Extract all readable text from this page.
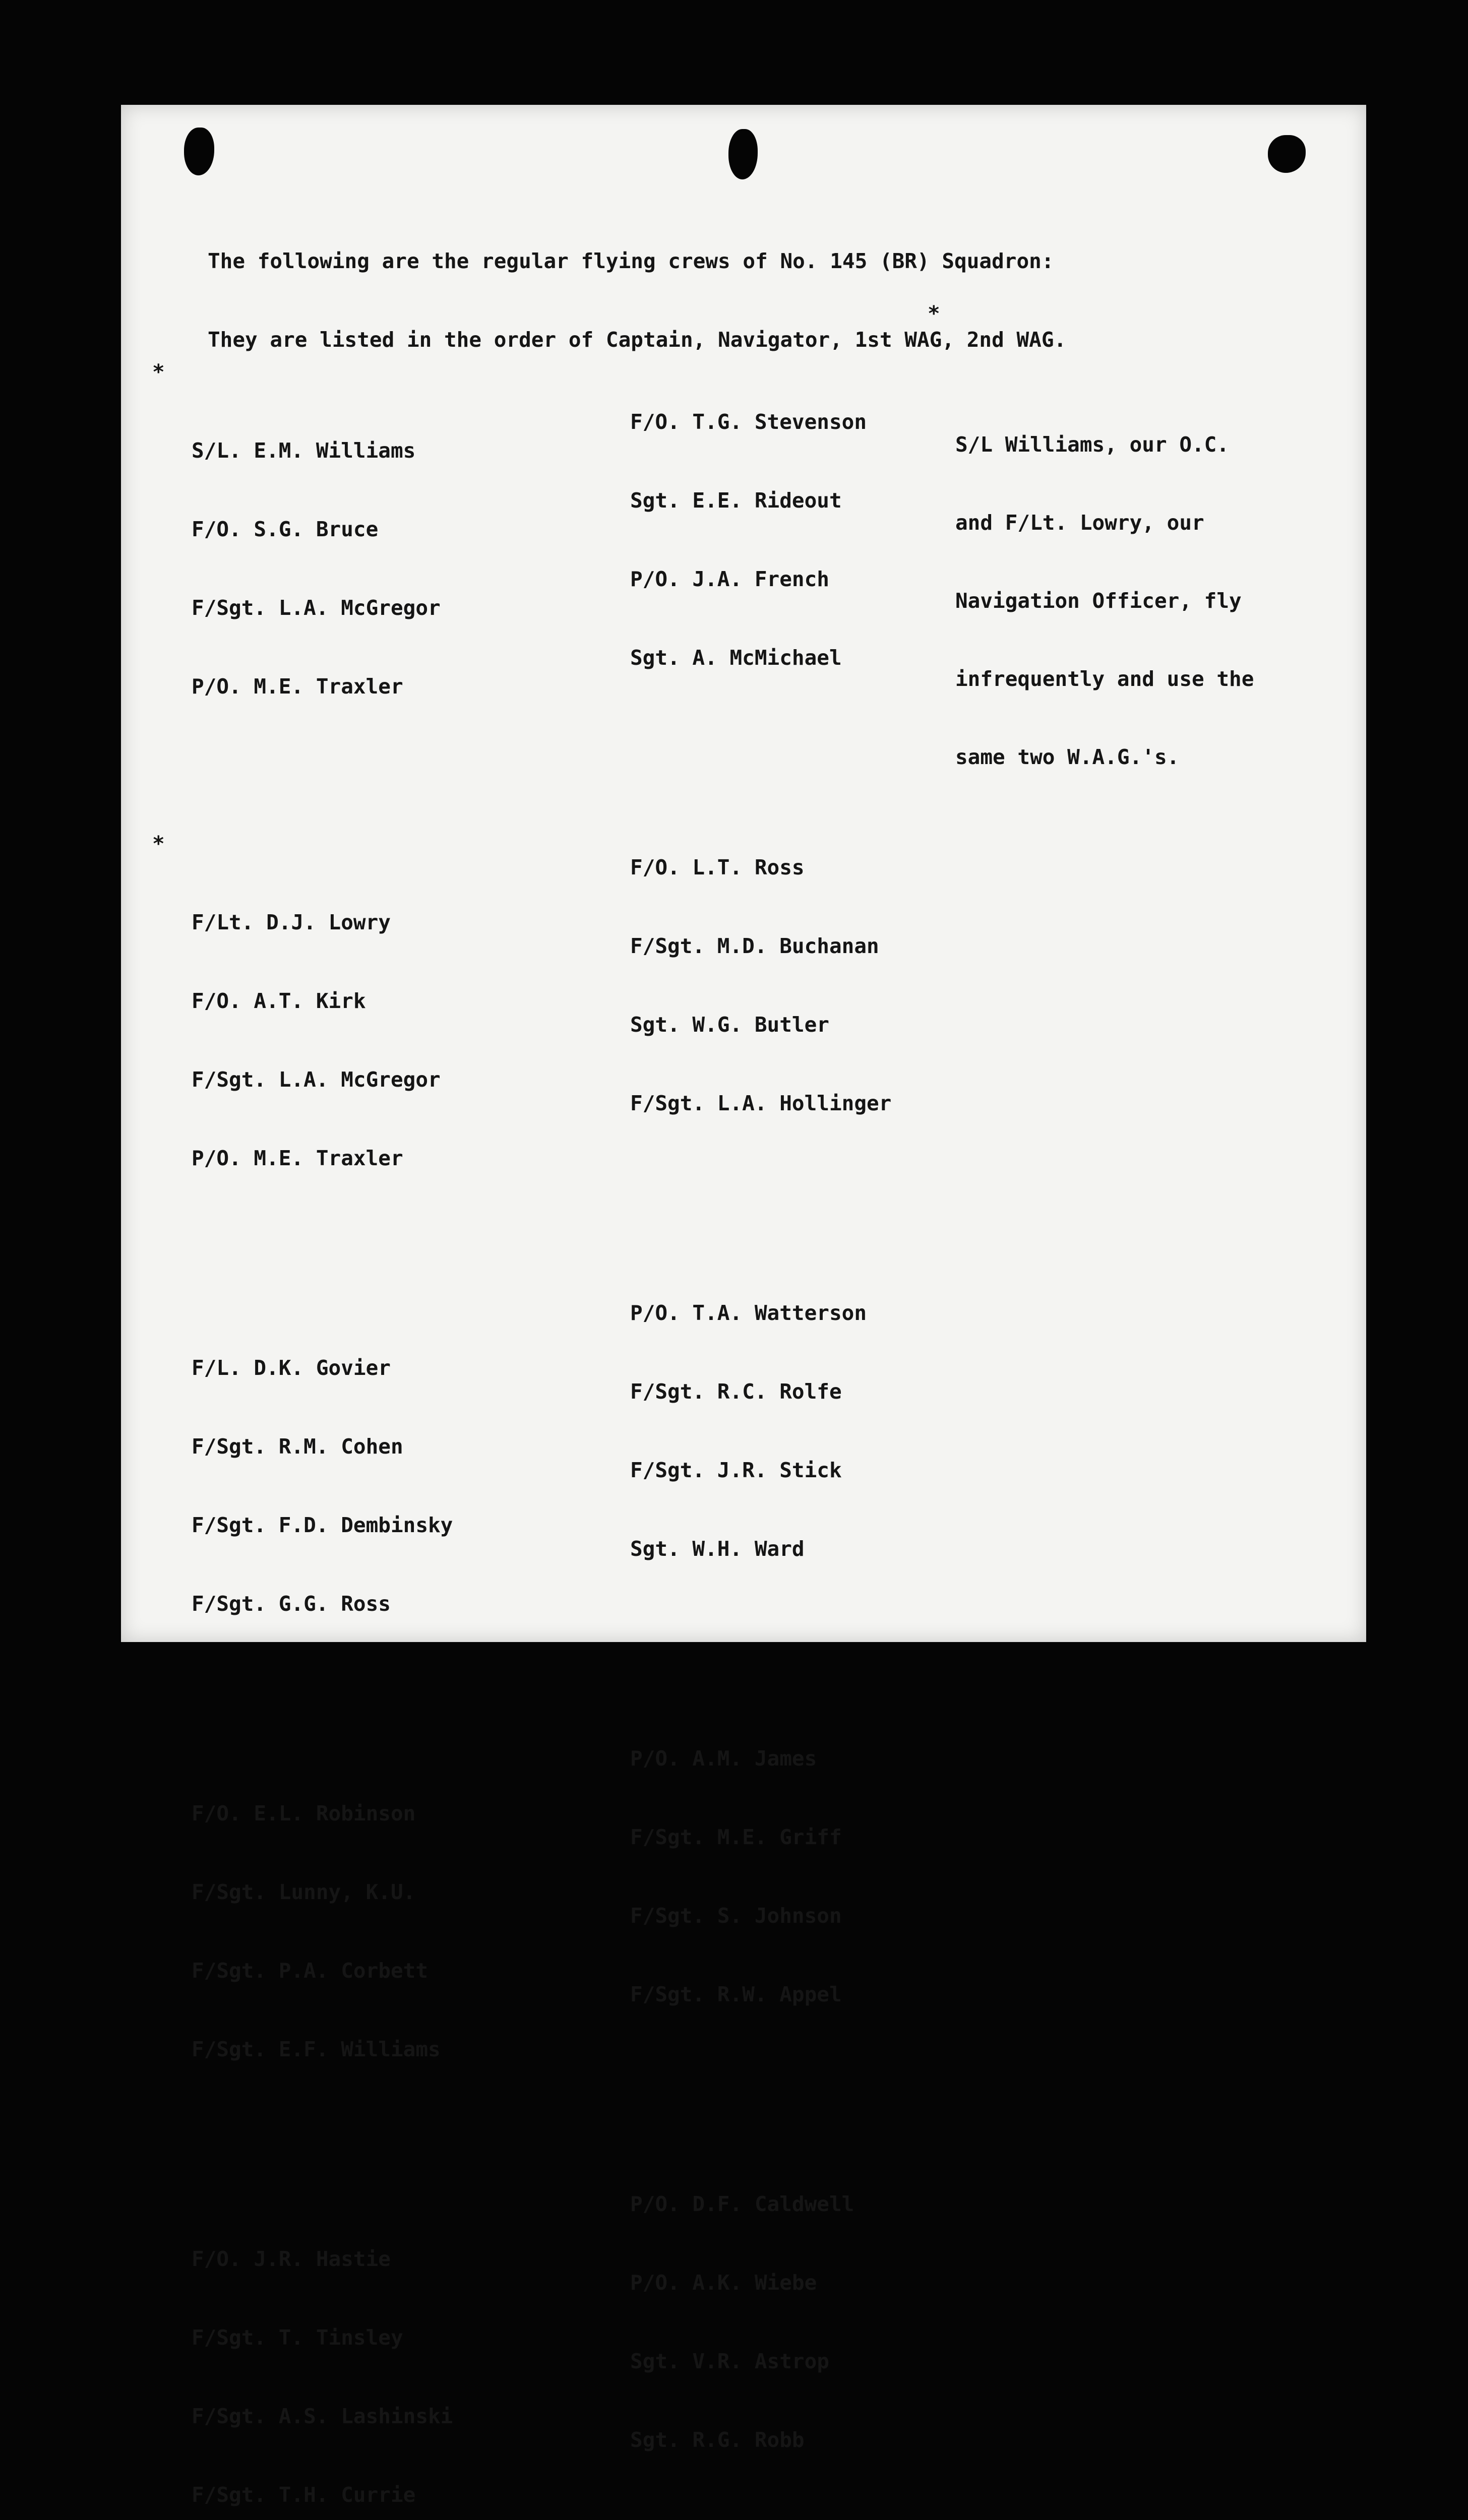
The following are the regular flying crews of No. 145 (BR) Squadron:

They are listed in the order of Captain, Navigator, 1st WAG, 2nd WAG.

*

S/L. E.M. Williams

F/O. S.G. Bruce

F/Sgt. L.A. McGregor

P/O. M.E. Traxler

*

F/Lt. D.J. Lowry

F/O. A.T. Kirk

F/Sgt. L.A. McGregor

P/O. M.E. Traxler

F/L. D.K. Govier

F/Sgt. R.M. Cohen

F/Sgt. F.D. Dembinsky

F/Sgt. G.G. Ross

F/O. E.L. Robinson

F/Sgt. Lunny, K.U.

F/Sgt. P.A. Corbett

F/Sgt. E.F. Williams

F/O. J.R. Hastie

F/Sgt. T. Tinsley

F/Sgt. A.S. Lashinski

F/Sgt. T.H. Currie

F/O. T.G. Stevenson

Sgt. E.E. Rideout

P/O. J.A. French

Sgt. A. McMichael

F/O. L.T. Ross

F/Sgt. M.D. Buchanan

Sgt. W.G. Butler

F/Sgt. L.A. Hollinger

P/O. T.A. Watterson

F/Sgt. R.C. Rolfe

F/Sgt. J.R. Stick

Sgt. W.H. Ward

P/O. A.M. James

F/Sgt. M.E. Griff

F/Sgt. S. Johnson

F/Sgt. R.W. Appel

P/O. D.F. Caldwell

P/O. A.K. Wiebe

Sgt. V.R. Astrop

Sgt. R.G. Robb

*

S/L Williams, our O.C.

and F/Lt. Lowry, our

Navigation Officer, fly

infrequently and use the

same two W.A.G.'s.
